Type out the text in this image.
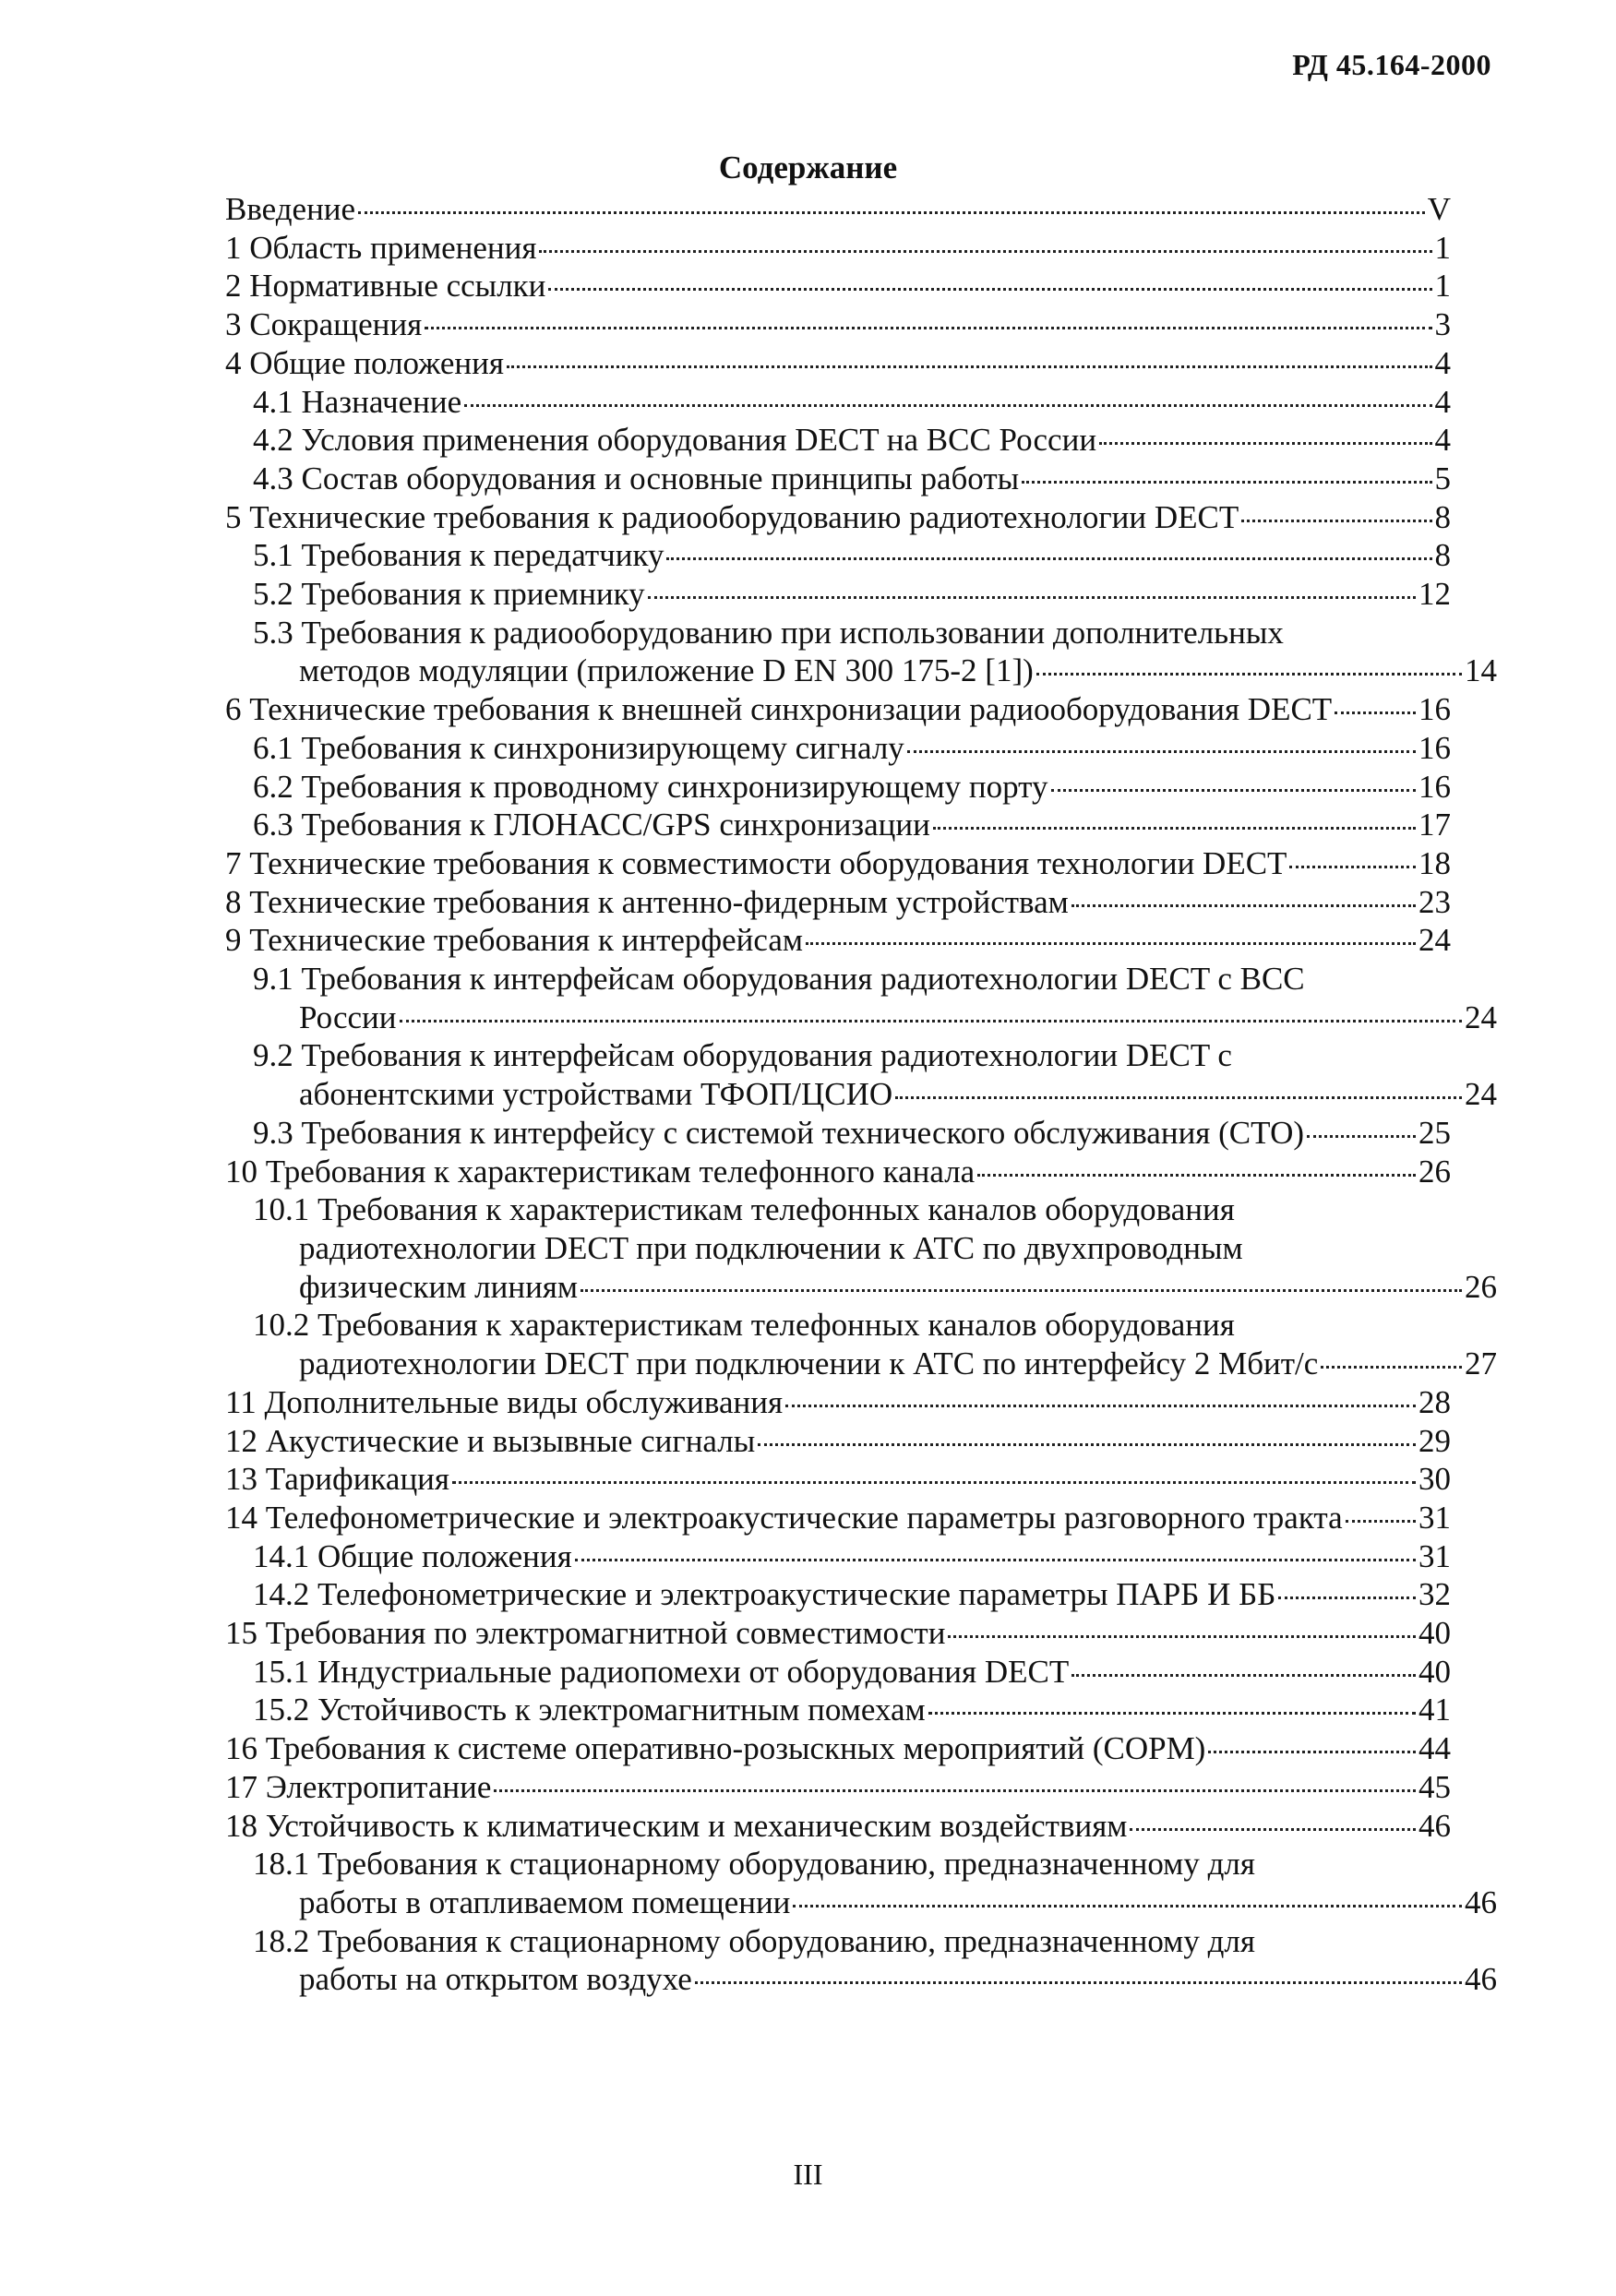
РД 45.164-2000
Содержание
Введение	V
1 Область применения	1
2 Нормативные ссылки	1
3 Сокращения	3
4 Общие положения	4
4.1 Назначение	4
4.2 Условия применения оборудования DECT на ВСС России	4
4.3 Состав оборудования и основные принципы работы	5
5 Технические требования к радиооборудованию радиотехнологии DECT	8
5.1 Требования к передатчику	8
5.2 Требования к приемнику	12
5.3 Требования к радиооборудованию при использовании дополнительных
методов модуляции (приложение D EN 300 175-2 [1])	14
6 Технические требования к внешней синхронизации радиооборудования DECT	16
6.1 Требования к синхронизирующему сигналу	16
6.2 Требования к проводному синхронизирующему порту	16
6.3 Требования к ГЛОНАСС/GPS синхронизации	17
7 Технические требования к совместимости оборудования технологии DECT	18
8 Технические требования к антенно-фидерным устройствам	23
9 Технические требования к интерфейсам	24
9.1 Требования к интерфейсам оборудования радиотехнологии DECT с ВСС
России	24
9.2 Требования к интерфейсам оборудования радиотехнологии DECT с
абонентскими устройствами ТФОП/ЦСИО	24
9.3 Требования к интерфейсу с системой технического обслуживания (СТО)	25
10 Требования к характеристикам телефонного канала	26
10.1 Требования к характеристикам телефонных каналов оборудования
радиотехнологии DECT при подключении к АТС по двухпроводным
физическим линиям	26
10.2 Требования к характеристикам телефонных каналов оборудования
радиотехнологии DECT при подключении к АТС по интерфейсу 2 Мбит/с	27
11 Дополнительные виды обслуживания	28
12 Акустические и вызывные сигналы	29
13 Тарификация	30
14 Телефонометрические и электроакустические параметры разговорного тракта 31
14.1 Общие положения	31
14.2 Телефонометрические и электроакустические параметры ПАРБ И ББ	32
15 Требования по электромагнитной совместимости	40
15.1 Индустриальные радиопомехи от оборудования DECT	40
15.2 Устойчивость к электромагнитным помехам	41
16 Требования к системе оперативно-розыскных мероприятий (СОРМ)	44
17 Электропитание	45
18 Устойчивость к климатическим и механическим воздействиям	46
18.1 Требования к стационарному оборудованию, предназначенному для
работы в отапливаемом помещении	46
18.2 Требования к стационарному оборудованию, предназначенному для
работы на открытом воздухе	46
III
